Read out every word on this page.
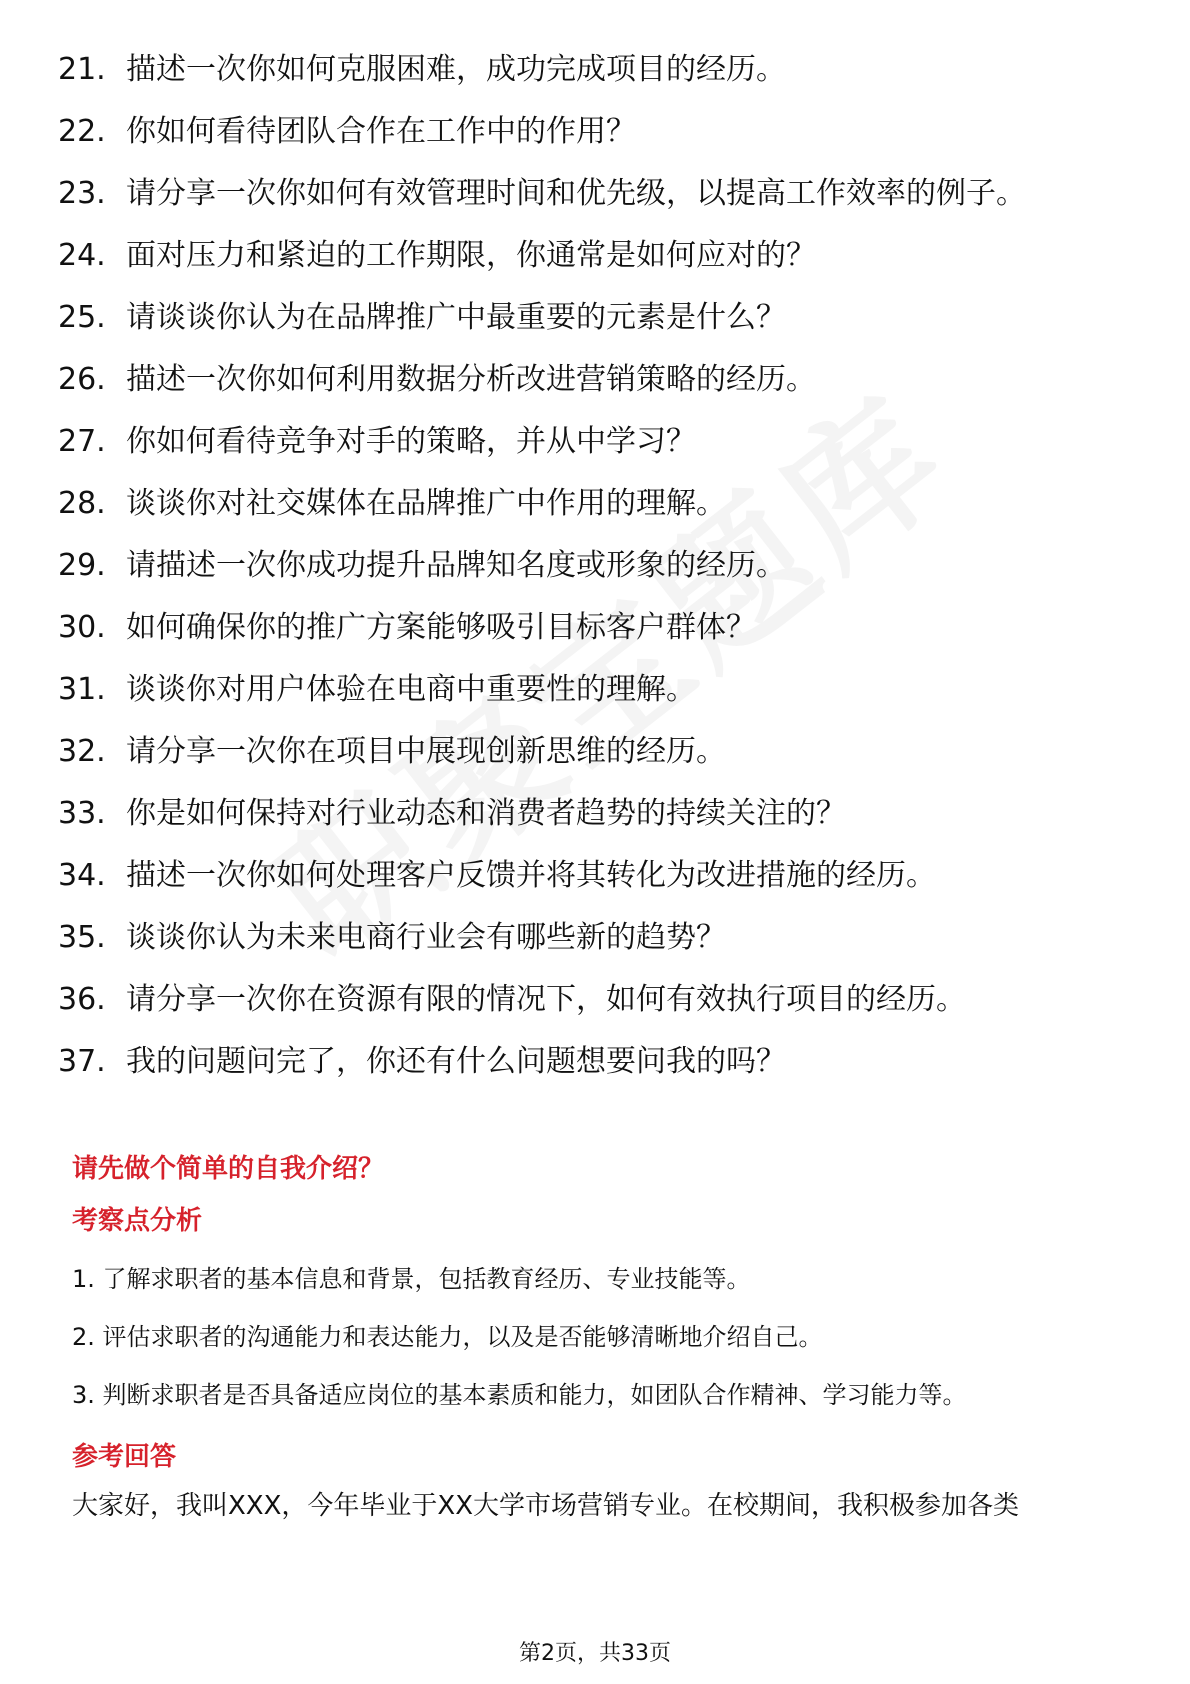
21. 描述一次你如何克服困难，成功完成项目的经历。
22. 你如何看待团队合作在工作中的作用？
23. 请分享一次你如何有效管理时间和优先级，以提高工作效率的例子。
24. 面对压力和紧迫的工作期限，你通常是如何应对的？
25. 请谈谈你认为在品牌推广中最重要的元素是什么？
26. 描述一次你如何利用数据分析改进营销策略的经历。
27. 你如何看待竞争对手的策略，并从中学习？
28. 谈谈你对社交媒体在品牌推广中作用的理解。
29. 请描述一次你成功提升品牌知名度或形象的经历。
30. 如何确保你的推广方案能够吸引目标客户群体？
31. 谈谈你对用户体验在电商中重要性的理解。
32. 请分享一次你在项目中展现创新思维的经历。
33. 你是如何保持对行业动态和消费者趋势的持续关注的？
34. 描述一次你如何处理客户反馈并将其转化为改进措施的经历。
35. 谈谈你认为未来电商行业会有哪些新的趋势？
36. 请分享一次你在资源有限的情况下，如何有效执行项目的经历。
37. 我的问题问完了，你还有什么问题想要问我的吗？
请先做个简单的自我介绍？
考察点分析
1. 了解求职者的基本信息和背景，包括教育经历、专业技能等。
2. 评估求职者的沟通能力和表达能力，以及是否能够清晰地介绍自己。
3. 判断求职者是否具备适应岗位的基本素质和能力，如团队合作精神、学习能力等。
参考回答
大家好，我叫XXX，今年毕业于XX大学市场营销专业。在校期间，我积极参加各类
第2页，共33页
